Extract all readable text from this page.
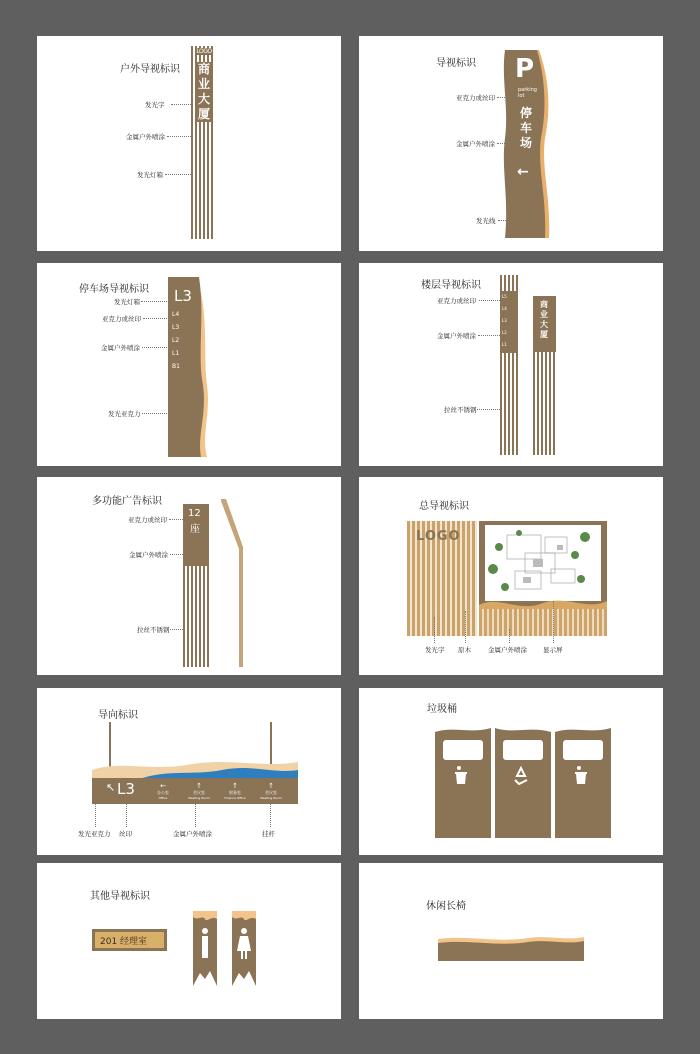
户外导视标识
LOGO
商业大厦
发光字
金属户外喷涂
发光灯箱
导视标识 P
parking lot
停车场
←
亚克力或丝印
金属户外喷涂
发光线
停车场导视标识 L3
L4
L3
L2
L1
B1
发光灯箱
亚克力或丝印
金属户外喷涂
发光亚克力
楼层导视标识
L5
L4
L3
L2
L1
商业大厦
亚克力或丝印
金属户外喷涂
拉丝不锈钢
多功能广告标识
12
座
亚克力或丝印
金属户外喷涂
拉丝不锈钢
总导视标识
LOGO
发光字 原木	金属户外喷涂 显示屏
导向标识
↖ L3	←
办公室
Office
↑
会议室
Meeting Room
↑
财务室
Finance Office
↑
会议室
Meeting Room
发光亚克力 丝印	金属户外喷涂	挂杆
垃圾桶
其他导视标识
201 经理室
休闲长椅
